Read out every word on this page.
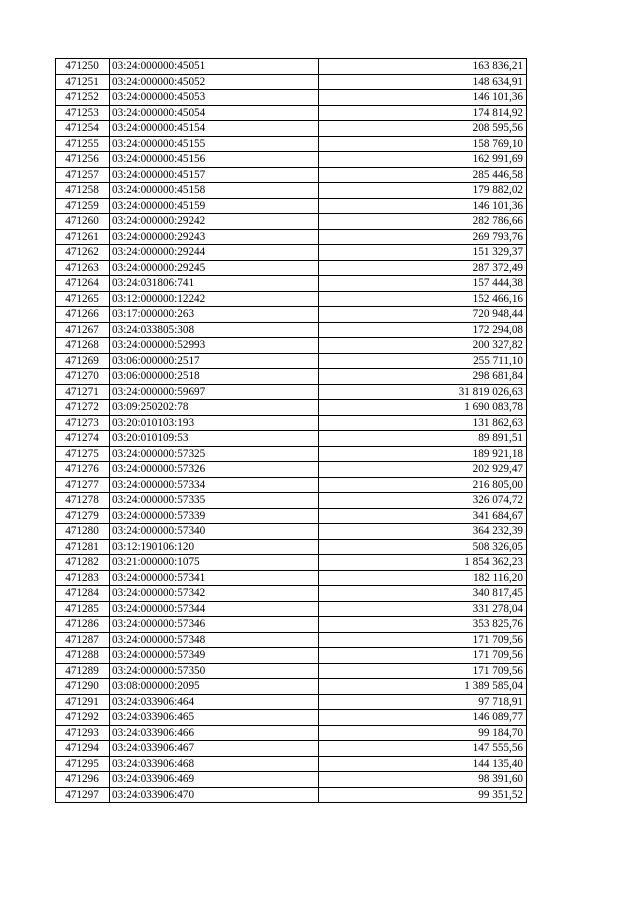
471250	03:24:000000:45051	163 836,21
471251	03:24:000000:45052	148 634,91
471252	03:24:000000:45053	146 101,36
471253	03:24:000000:45054	174 814,92
471254	03:24:000000:45154	208 595,56
471255	03:24:000000:45155	158 769,10
471256	03:24:000000:45156	162 991,69
471257	03:24:000000:45157	285 446,58
471258	03:24:000000:45158	179 882,02
471259	03:24:000000:45159	146 101,36
471260	03:24:000000:29242	282 786,66
471261	03:24:000000:29243	269 793,76
471262	03:24:000000:29244	151 329,37
471263	03:24:000000:29245	287 372,49
471264	03:24:031806:741	157 444,38
471265	03:12:000000:12242	152 466,16
471266	03:17:000000:263	720 948,44
471267	03:24:033805:308	172 294,08
471268	03:24:000000:52993	200 327,82
471269	03:06:000000:2517	255 711,10
471270	03:06:000000:2518	298 681,84
471271	03:24:000000:59697	31 819 026,63
471272	03:09:250202:78	1 690 083,78
471273	03:20:010103:193	131 862,63
471274	03:20:010109:53	89 891,51
471275	03:24:000000:57325	189 921,18
471276	03:24:000000:57326	202 929,47
471277	03:24:000000:57334	216 805,00
471278	03:24:000000:57335	326 074,72
471279	03:24:000000:57339	341 684,67
471280	03:24:000000:57340	364 232,39
471281	03:12:190106:120	508 326,05
471282	03:21:000000:1075	1 854 362,23
471283	03:24:000000:57341	182 116,20
471284	03:24:000000:57342	340 817,45
471285	03:24:000000:57344	331 278,04
471286	03:24:000000:57346	353 825,76
471287	03:24:000000:57348	171 709,56
471288	03:24:000000:57349	171 709,56
471289	03:24:000000:57350	171 709,56
471290	03:08:000000:2095	1 389 585,04
471291	03:24:033906:464	97 718,91
471292	03:24:033906:465	146 089,77
471293	03:24:033906:466	99 184,70
471294	03:24:033906:467	147 555,56
471295	03:24:033906:468	144 135,40
471296	03:24:033906:469	98 391,60
471297	03:24:033906:470	99 351,52
